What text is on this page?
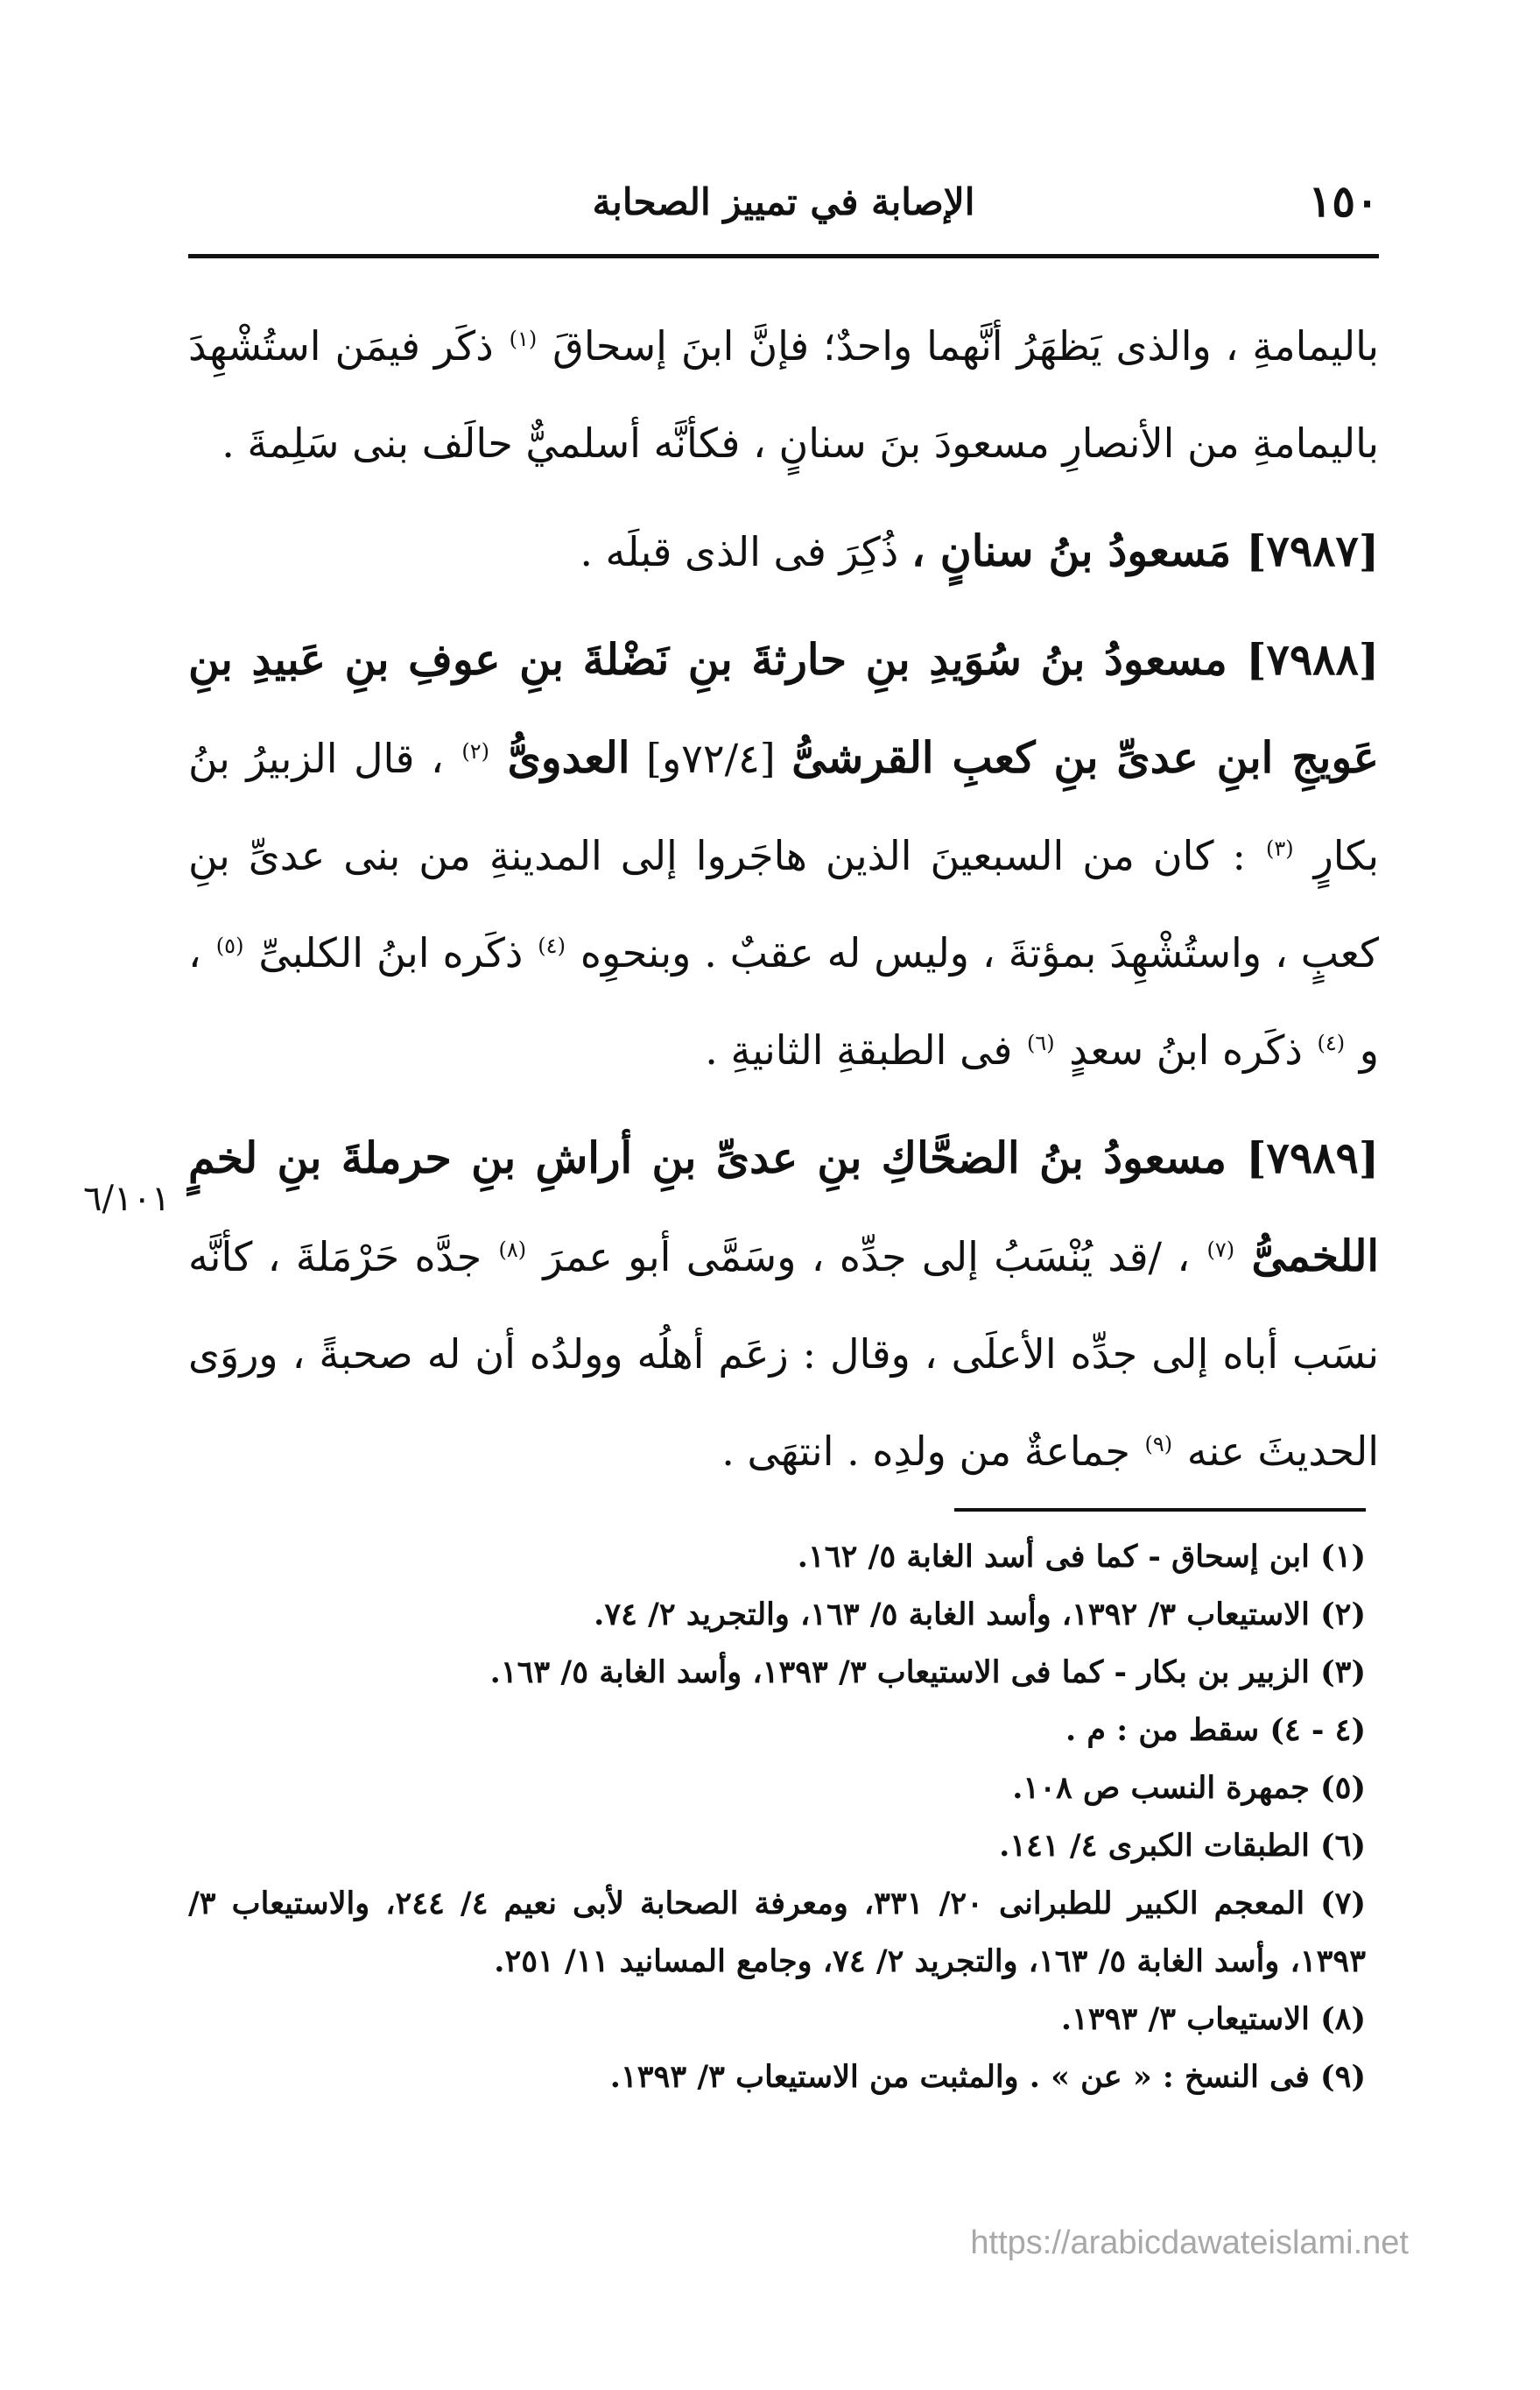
١٥٠
الإصابة في تمييز الصحابة

باليمامةِ ، والذى يَظهَرُ أنَّهما واحدٌ؛ فإنَّ ابنَ إسحاقَ $^{(١)}$ ذكَر فيمَن استُشْهِدَ باليمامةِ من الأنصارِ مسعودَ بنَ سنانٍ ، فكأنَّه أسلميٌّ حالَف بنى سَلِمةَ .

[٧٩٨٧] مَسعودُ بنُ سنانٍ ، ذُكِرَ فى الذى قبلَه .

[٧٩٨٨] مسعودُ بنُ سُوَيدِ بنِ حارثةَ بنِ نَضْلةَ بنِ عوفِ بنِ عَبيدِ بنِ عَويجِ ابنِ عدىِّ بنِ كعبِ القرشىُّ [٧٢/٤و] العدوىُّ $^{(٢)}$ ، قال الزبيرُ بنُ بكارٍ $^{(٣)}$ : كان من السبعينَ الذين هاجَروا إلى المدينةِ من بنى عدىِّ بنِ كعبٍ ، واستُشْهِدَ بمؤتةَ ، وليس له عقبٌ . وبنحوِه $^{(٤)}$ ذكَره ابنُ الكلبىِّ $^{(٥)}$ ، و $^{(٤)}$ ذكَره ابنُ سعدٍ $^{(٦)}$ فى الطبقةِ الثانيةِ .

[٧٩٨٩] مسعودُ بنُ الضحَّاكِ بنِ عدىِّ بنِ أراشِ بنِ حرملةَ بنِ لخمٍ اللخمىُّ $^{(٧)}$ ، /قد يُنْسَبُ إلى جدِّه ، وسَمَّى أبو عمرَ $^{(٨)}$ جدَّه حَرْمَلةَ ، كأنَّه نسَب أباه إلى جدِّه الأعلَى ، وقال : زعَم أهلُه وولدُه أن له صحبةً ، وروَى الحديثَ عنه $^{(٩)}$ جماعةٌ من ولدِه . انتهَى .

٦/١٠١

(١) ابن إسحاق - كما فى أسد الغابة ٥/ ١٦٢.

(٢) الاستيعاب ٣/ ١٣٩٢، وأسد الغابة ٥/ ١٦٣، والتجريد ٢/ ٧٤.

(٣) الزبير بن بكار - كما فى الاستيعاب ٣/ ١٣٩٣، وأسد الغابة ٥/ ١٦٣.

(٤ - ٤) سقط من : م .

(٥) جمهرة النسب ص ١٠٨.

(٦) الطبقات الكبرى ٤/ ١٤١.

(٧) المعجم الكبير للطبرانى ٢٠/ ٣٣١، ومعرفة الصحابة لأبى نعيم ٤/ ٢٤٤، والاستيعاب ٣/ ١٣٩٣، وأسد الغابة ٥/ ١٦٣، والتجريد ٢/ ٧٤، وجامع المسانيد ١١/ ٢٥١.

(٨) الاستيعاب ٣/ ١٣٩٣.

(٩) فى النسخ : « عن » . والمثبت من الاستيعاب ٣/ ١٣٩٣.

https://arabicdawateislami.net
